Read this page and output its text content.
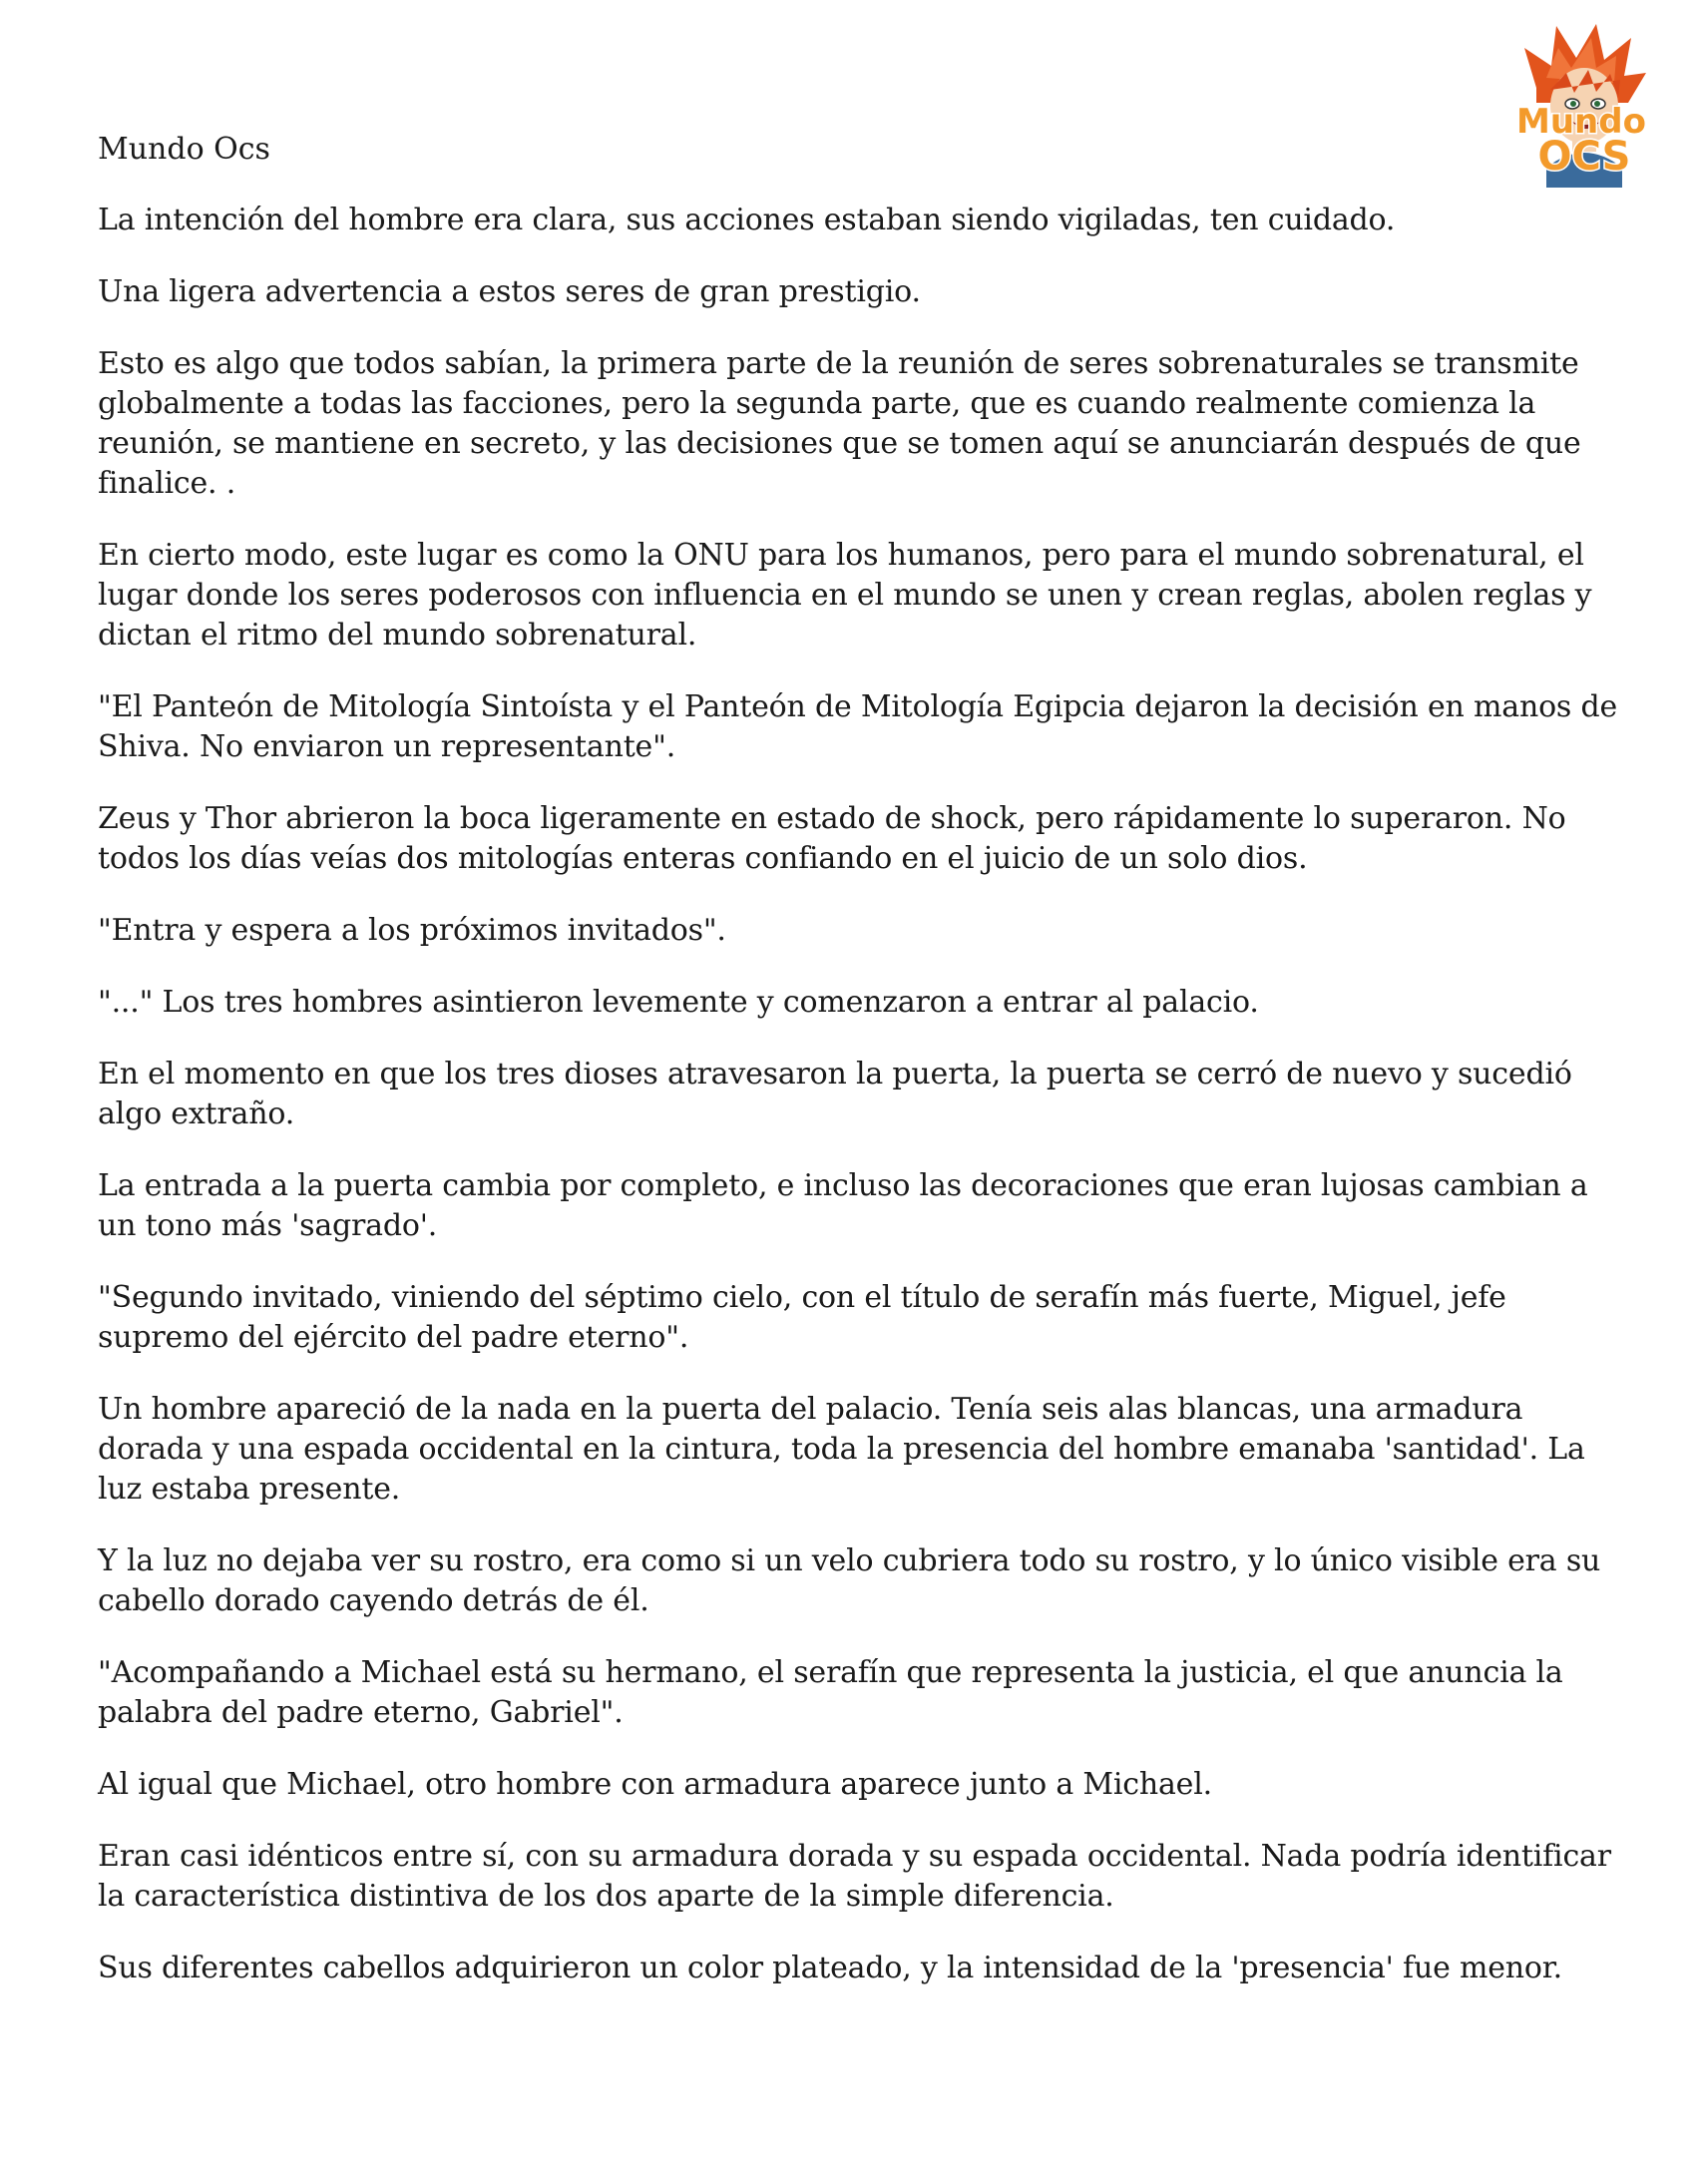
Mundo
OCS

Mundo Ocs

La intención del hombre era clara, sus acciones estaban siendo vigiladas, ten cuidado.

Una ligera advertencia a estos seres de gran prestigio.

Esto es algo que todos sabían, la primera parte de la reunión de seres sobrenaturales se transmite globalmente a todas las facciones, pero la segunda parte, que es cuando realmente comienza la reunión, se mantiene en secreto, y las decisiones que se tomen aquí se anunciarán después de que finalice. .

En cierto modo, este lugar es como la ONU para los humanos, pero para el mundo sobrenatural, el lugar donde los seres poderosos con influencia en el mundo se unen y crean reglas, abolen reglas y dictan el ritmo del mundo sobrenatural.

"El Panteón de Mitología Sintoísta y el Panteón de Mitología Egipcia dejaron la decisión en manos de Shiva. No enviaron un representante".

Zeus y Thor abrieron la boca ligeramente en estado de shock, pero rápidamente lo superaron. No todos los días veías dos mitologías enteras confiando en el juicio de un solo dios.

"Entra y espera a los próximos invitados".

"..." Los tres hombres asintieron levemente y comenzaron a entrar al palacio.

En el momento en que los tres dioses atravesaron la puerta, la puerta se cerró de nuevo y sucedió algo extraño.

La entrada a la puerta cambia por completo, e incluso las decoraciones que eran lujosas cambian a un tono más 'sagrado'.

"Segundo invitado, viniendo del séptimo cielo, con el título de serafín más fuerte, Miguel, jefe supremo del ejército del padre eterno".

Un hombre apareció de la nada en la puerta del palacio. Tenía seis alas blancas, una armadura dorada y una espada occidental en la cintura, toda la presencia del hombre emanaba 'santidad'. La luz estaba presente.

Y la luz no dejaba ver su rostro, era como si un velo cubriera todo su rostro, y lo único visible era su cabello dorado cayendo detrás de él.

"Acompañando a Michael está su hermano, el serafín que representa la justicia, el que anuncia la palabra del padre eterno, Gabriel".

Al igual que Michael, otro hombre con armadura aparece junto a Michael.

Eran casi idénticos entre sí, con su armadura dorada y su espada occidental. Nada podría identificar la característica distintiva de los dos aparte de la simple diferencia.

Sus diferentes cabellos adquirieron un color plateado, y la intensidad de la 'presencia' fue menor.
